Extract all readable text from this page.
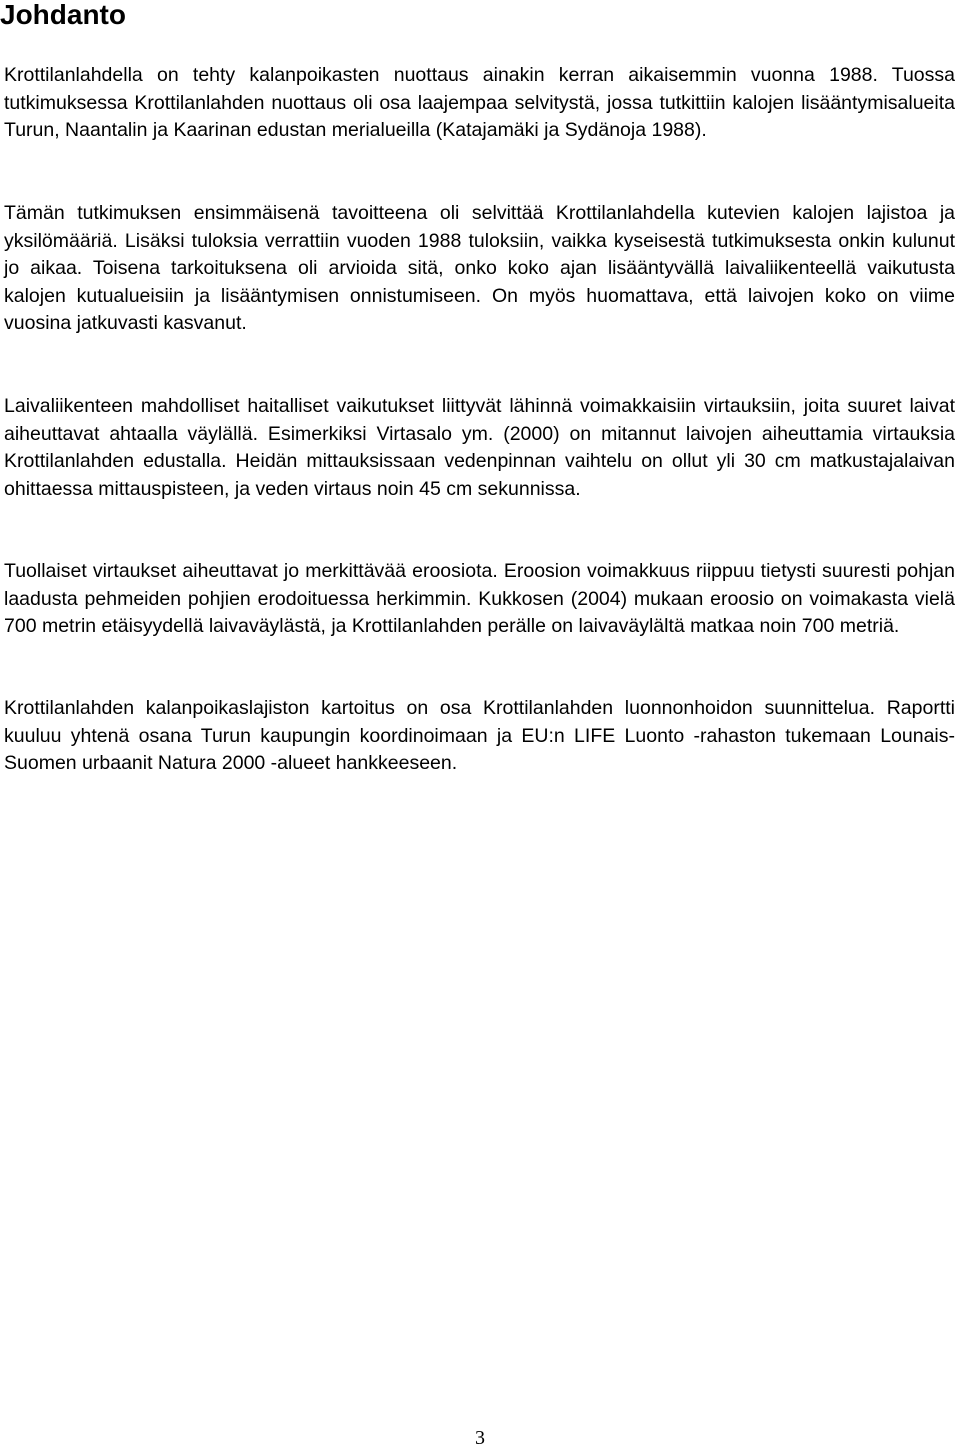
Johdanto

Krottilanlahdella on tehty kalanpoikasten nuottaus ainakin kerran aikaisemmin vuonna 1988. Tuossa tutkimuksessa Krottilanlahden nuottaus oli osa laajempaa selvitystä, jossa tutkittiin kalojen lisääntymisalueita Turun, Naantalin ja Kaarinan edustan merialueilla (Katajamäki ja Sydänoja 1988).

Tämän tutkimuksen ensimmäisenä tavoitteena oli selvittää Krottilanlahdella kutevien kalojen lajistoa ja yksilömääriä. Lisäksi tuloksia verrattiin vuoden 1988 tuloksiin, vaikka kyseisestä tutkimuksesta onkin kulunut jo aikaa. Toisena tarkoituksena oli arvioida sitä, onko koko ajan lisääntyvällä laivaliikenteellä vaikutusta kalojen kutualueisiin ja lisääntymisen onnistumiseen. On myös huomattava, että laivojen koko on viime vuosina jatkuvasti kasvanut.

Laivaliikenteen mahdolliset haitalliset vaikutukset liittyvät lähinnä voimakkaisiin virtauksiin, joita suuret laivat aiheuttavat ahtaalla väylällä. Esimerkiksi Virtasalo ym. (2000) on mitannut laivojen aiheuttamia virtauksia Krottilanlahden edustalla. Heidän mittauksissaan vedenpinnan vaihtelu on ollut yli 30 cm matkustajalaivan ohittaessa mittauspisteen, ja veden virtaus noin 45 cm sekunnissa.

Tuollaiset virtaukset aiheuttavat jo merkittävää eroosiota. Eroosion voimakkuus riippuu tietysti suuresti pohjan laadusta pehmeiden pohjien erodoituessa herkimmin. Kukkosen (2004) mukaan eroosio on voimakasta vielä 700 metrin etäisyydellä laivaväylästä, ja Krottilanlahden perälle on laivaväylältä matkaa noin 700 metriä.

Krottilanlahden kalanpoikaslajiston kartoitus on osa Krottilanlahden luonnonhoidon suunnittelua. Raportti kuuluu yhtenä osana Turun kaupungin koordinoimaan ja EU:n LIFE Luonto -rahaston tukemaan Lounais-Suomen urbaanit Natura 2000 -alueet hankkeeseen.

3
